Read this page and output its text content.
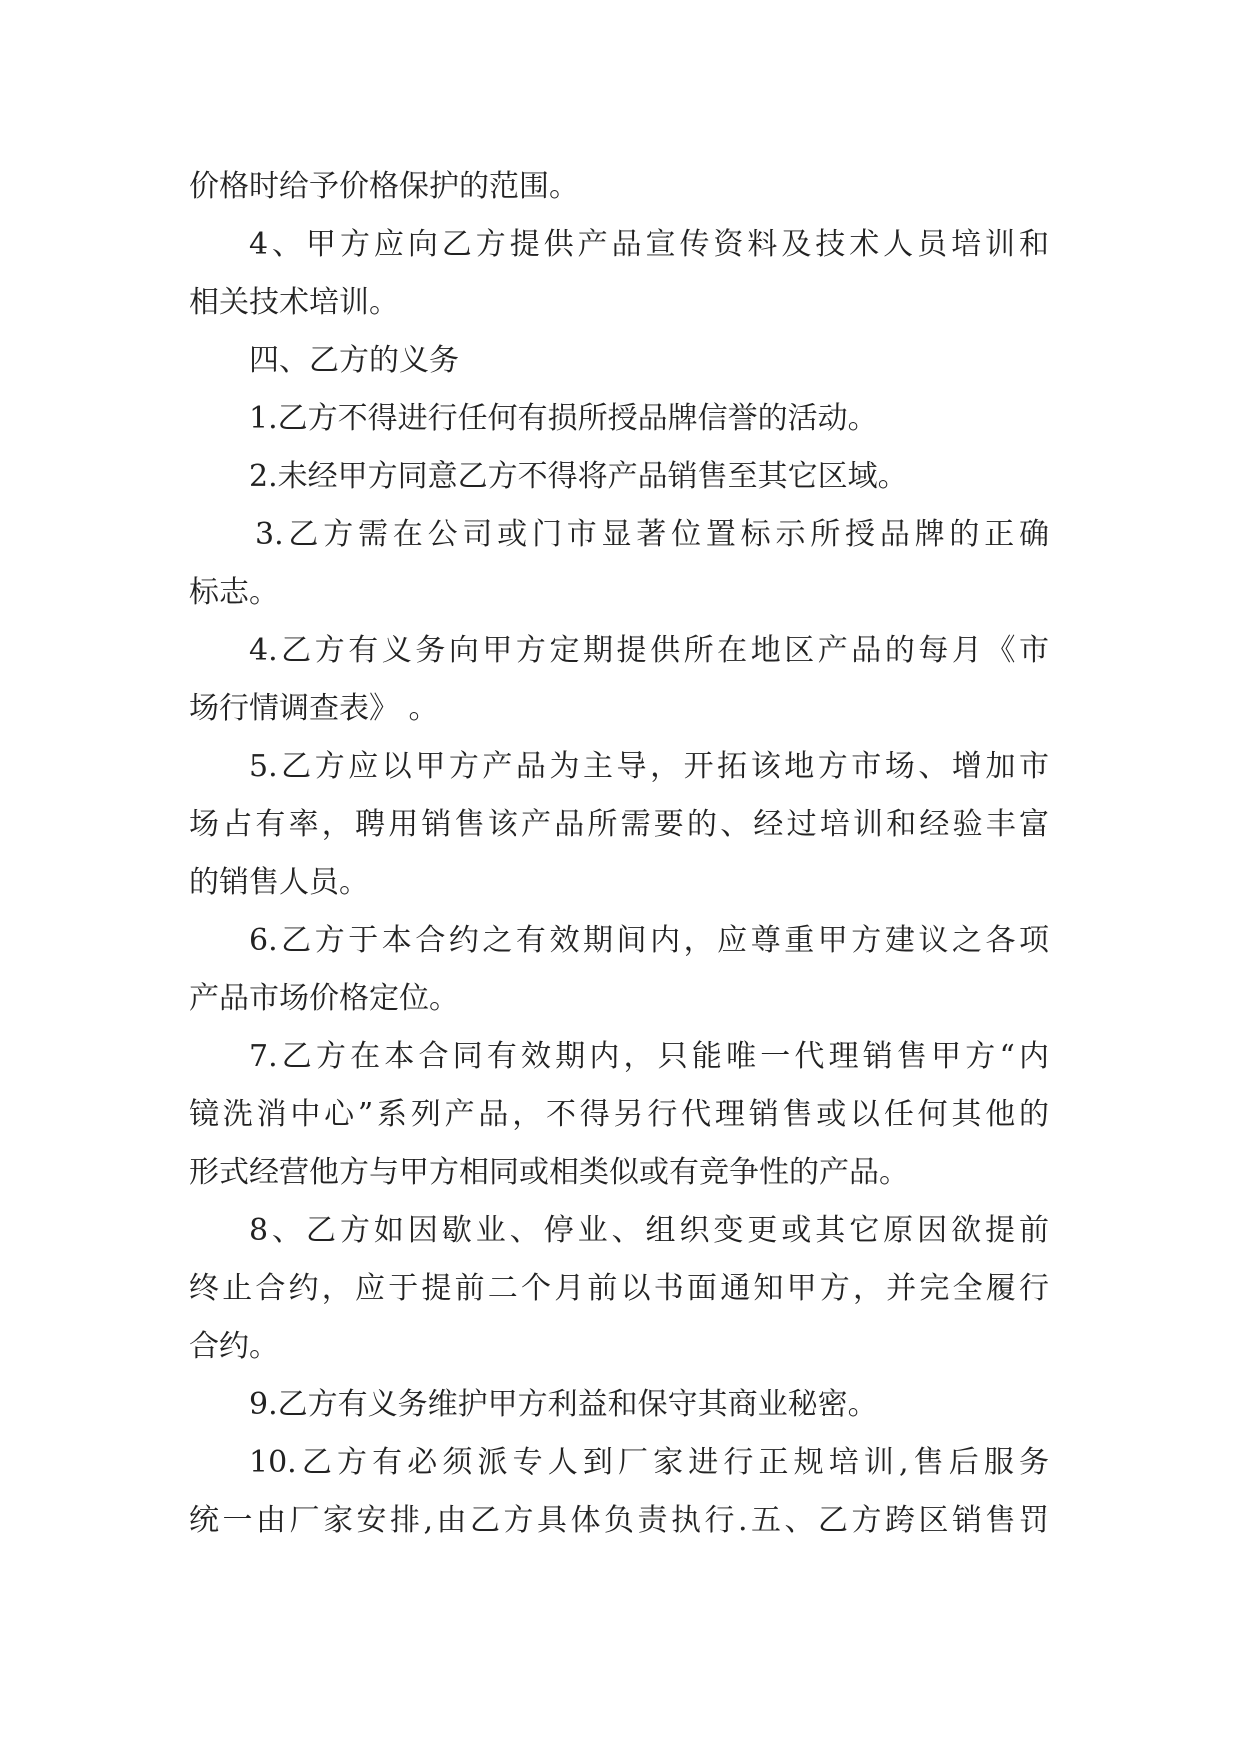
价格时给予价格保护的范围。
4、甲方应向乙方提供产品宣传资料及技术人员培训和
相关技术培训。
四、乙方的义务
1.乙方不得进行任何有损所授品牌信誉的活动。
2.未经甲方同意乙方不得将产品销售至其它区域。
3.乙方需在公司或门市显著位置标示所授品牌的正确
标志。
4.乙方有义务向甲方定期提供所在地区产品的每月《市
场行情调查表》 。
5.乙方应以甲方产品为主导，开拓该地方市场、增加市
场占有率，聘用销售该产品所需要的、经过培训和经验丰富
的销售人员。
6.乙方于本合约之有效期间内，应尊重甲方建议之各项
产品市场价格定位。
7.乙方在本合同有效期内，只能唯一代理销售甲方“内
镜洗消中心”系列产品，不得另行代理销售或以任何其他的
形式经营他方与甲方相同或相类似或有竞争性的产品。
8、乙方如因歇业、停业、组织变更或其它原因欲提前
终止合约，应于提前二个月前以书面通知甲方，并完全履行
合约。
9.乙方有义务维护甲方利益和保守其商业秘密。
10.乙方有必须派专人到厂家进行正规培训,售后服务
统一由厂家安排,由乙方具体负责执行.五、乙方跨区销售罚
